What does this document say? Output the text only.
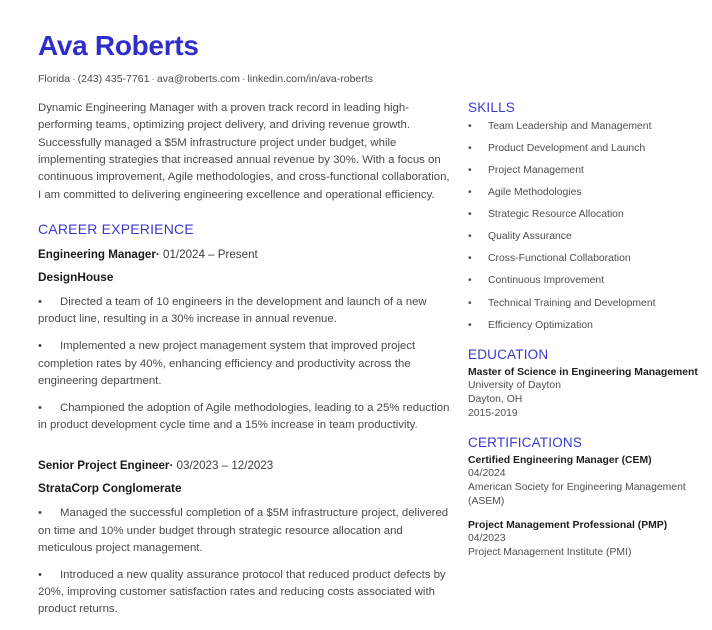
Ava Roberts
Florida · (243) 435-7761 · ava@roberts.com · linkedin.com/in/ava-roberts

Dynamic Engineering Manager with a proven track record in leading high-performing teams, optimizing project delivery, and driving revenue growth. Successfully managed a $5M infrastructure project under budget, while implementing strategies that increased annual revenue by 30%. With a focus on continuous improvement, Agile methodologies, and cross-functional collaboration, I am committed to delivering engineering excellence and operational efficiency.

CAREER EXPERIENCE

Engineering Manager· 01/2024 – Present

DesignHouse

•Directed a team of 10 engineers in the development and launch of a new product line, resulting in a 30% increase in annual revenue.
•Implemented a new project management system that improved project completion rates by 40%, enhancing efficiency and productivity across the engineering department.
•Championed the adoption of Agile methodologies, leading to a 25% reduction in product development cycle time and a 15% increase in team productivity.

Senior Project Engineer· 03/2023 – 12/2023

StrataCorp Conglomerate

•Managed the successful completion of a $5M infrastructure project, delivered on time and 10% under budget through strategic resource allocation and meticulous project management.
•Introduced a new quality assurance protocol that reduced product defects by 20%, improving customer satisfaction rates and reducing costs associated with product returns.
SKILLS
•Team Leadership and Management
•Product Development and Launch
•Project Management
•Agile Methodologies
•Strategic Resource Allocation
•Quality Assurance
•Cross-Functional Collaboration
•Continuous Improvement
•Technical Training and Development
•Efficiency Optimization
EDUCATION
Master of Science in Engineering Management
University of Dayton
Dayton, OH
2015-2019
CERTIFICATIONS
Certified Engineering Manager (CEM)
04/2024
American Society for Engineering Management (ASEM)
Project Management Professional (PMP)
04/2023
Project Management Institute (PMI)
